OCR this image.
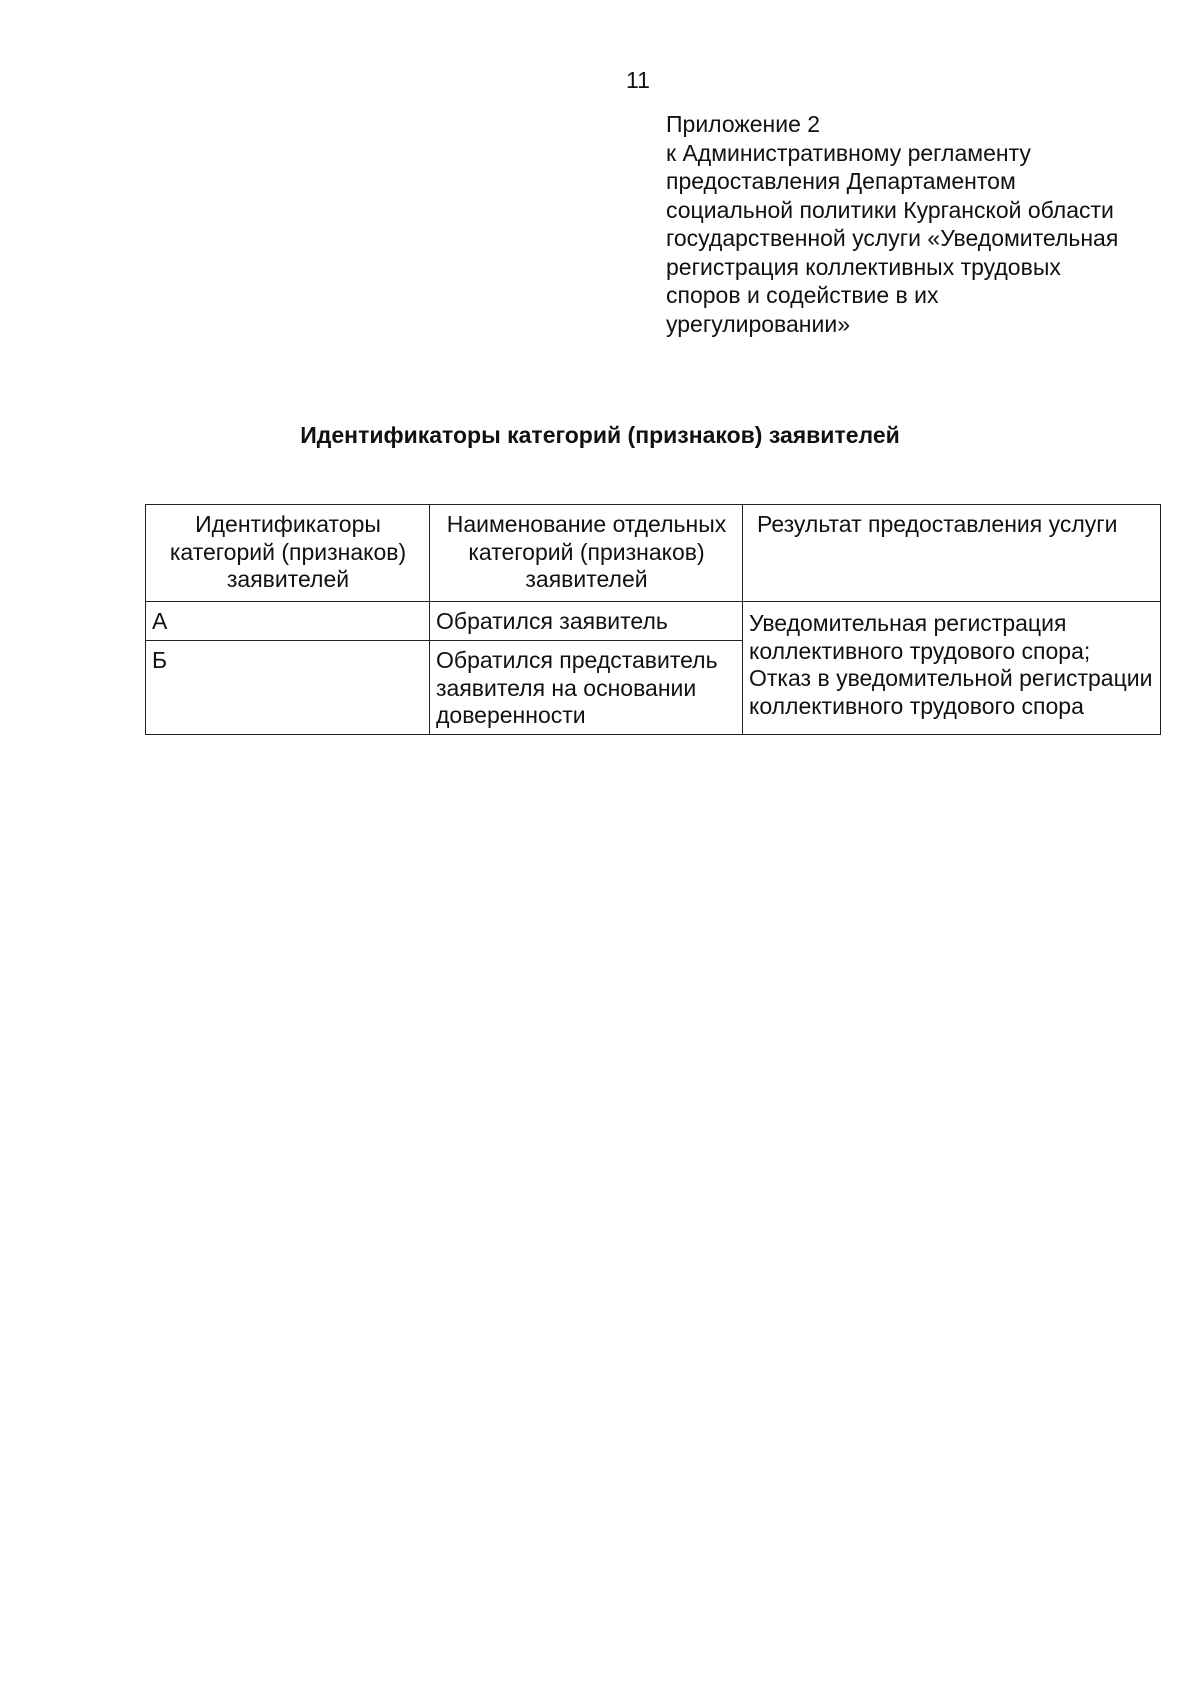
11
Приложение 2
к Административному регламенту
предоставления Департаментом
социальной политики Курганской области
государственной услуги «Уведомительная
регистрация коллективных трудовых
споров и содействие в их
урегулировании»
Идентификаторы категорий (признаков) заявителей
Идентификаторы категорий (признаков) заявителей	Наименование отдельных категорий (признаков) заявителей	Результат предоставления услуги
А	Обратился заявитель	Уведомительная регистрация коллективного трудового спора; Отказ в уведомительной регистрации коллективного трудового спора
Б	Обратился представитель заявителя на основании доверенности	
